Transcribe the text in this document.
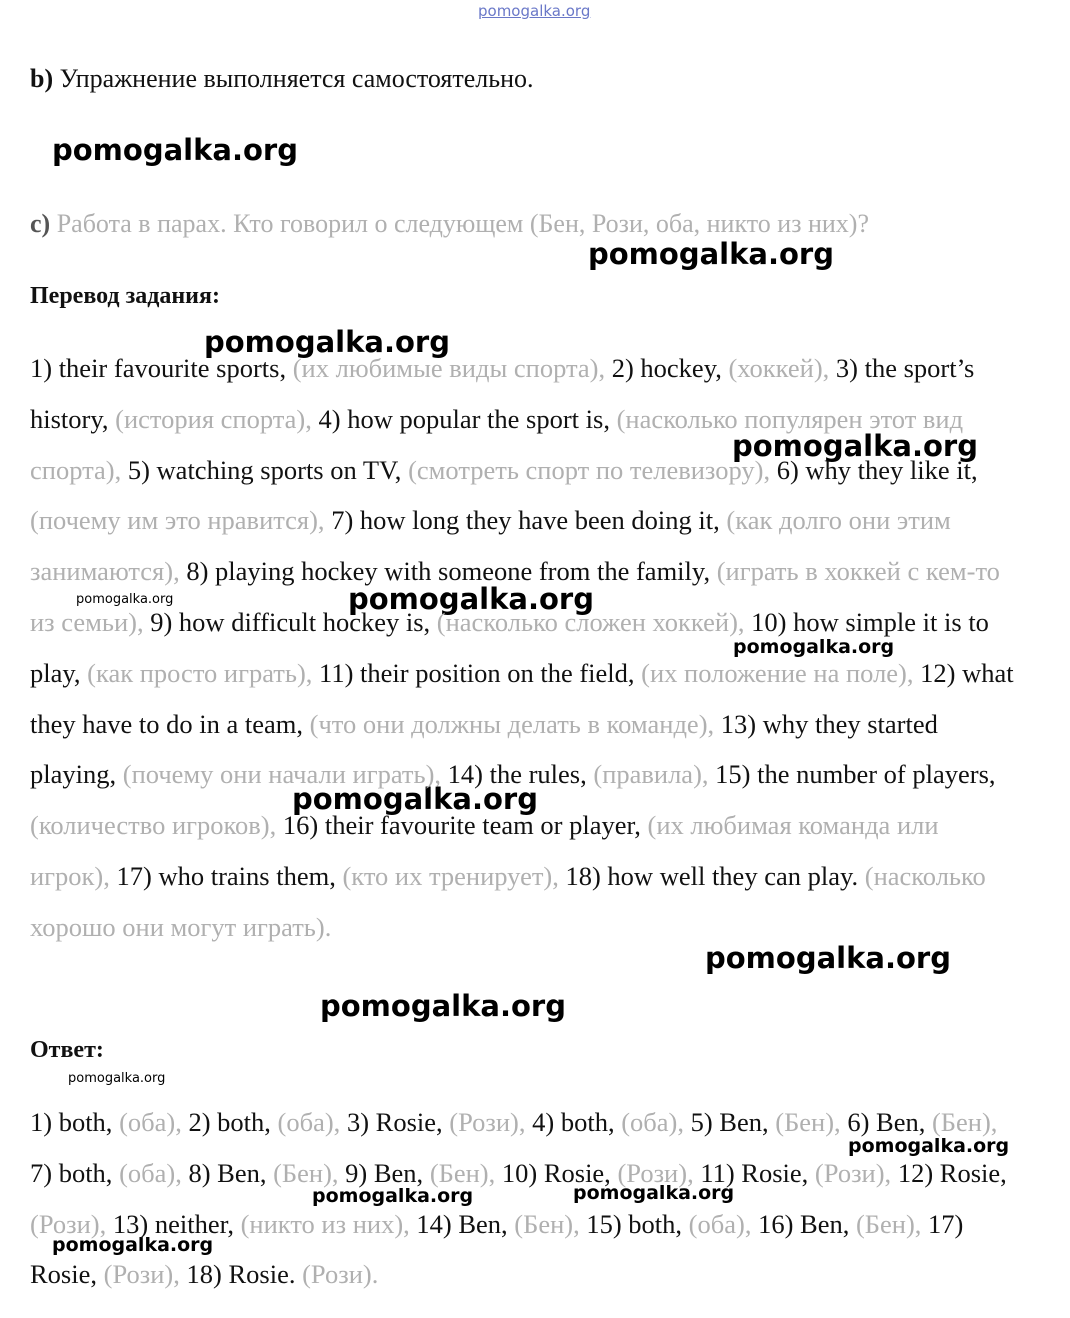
pomogalka.org
pomogalka.org
pomogalka.org
pomogalka.org
pomogalka.org
pomogalka.org	pomogalka.org
pomogalka.org
pomogalka.org
pomogalka.org
pomogalka.org
pomogalka.org
pomogalka.org
pomogalka.org	pomogalka.org
pomogalka.org
b) Упражнение выполняется самостоятельно.
c) Работа в парах. Кто говорил о следующем (Бен, Рози, оба, никто из них)?
Перевод задания:
1) their favourite sports, (их любимые виды спорта), 2) hockey, (хоккей), 3) the sport’s history, (история спорта), 4) how popular the sport is, (насколько популярен этот вид спорта), 5) watching sports on TV, (смотреть спорт по телевизору), 6) why they like it, (почему им это нравится), 7) how long they have been doing it, (как долго они этим занимаются), 8) playing hockey with someone from the family, (играть в хоккей с кем-то из семьи), 9) how difficult hockey is, (насколько сложен хоккей), 10) how simple it is to play, (как просто играть), 11) their position on the field, (их положение на поле), 12) what they have to do in a team, (что они должны делать в команде), 13) why they started playing, (почему они начали играть), 14) the rules, (правила), 15) the number of players, (количество игроков), 16) their favourite team or player, (их любимая команда или игрок), 17) who trains them, (кто их тренирует), 18) how well they can play. (насколько хорошо они могут играть).
Ответ:
1) both, (оба), 2) both, (оба), 3) Rosie, (Рози), 4) both, (оба), 5) Ben, (Бен), 6) Ben, (Бен), 7) both, (оба), 8) Ben, (Бен), 9) Ben, (Бен), 10) Rosie, (Рози), 11) Rosie, (Рози), 12) Rosie, (Рози), 13) neither, (никто из них), 14) Ben, (Бен), 15) both, (оба), 16) Ben, (Бен), 17) Rosie, (Рози), 18) Rosie. (Рози).
